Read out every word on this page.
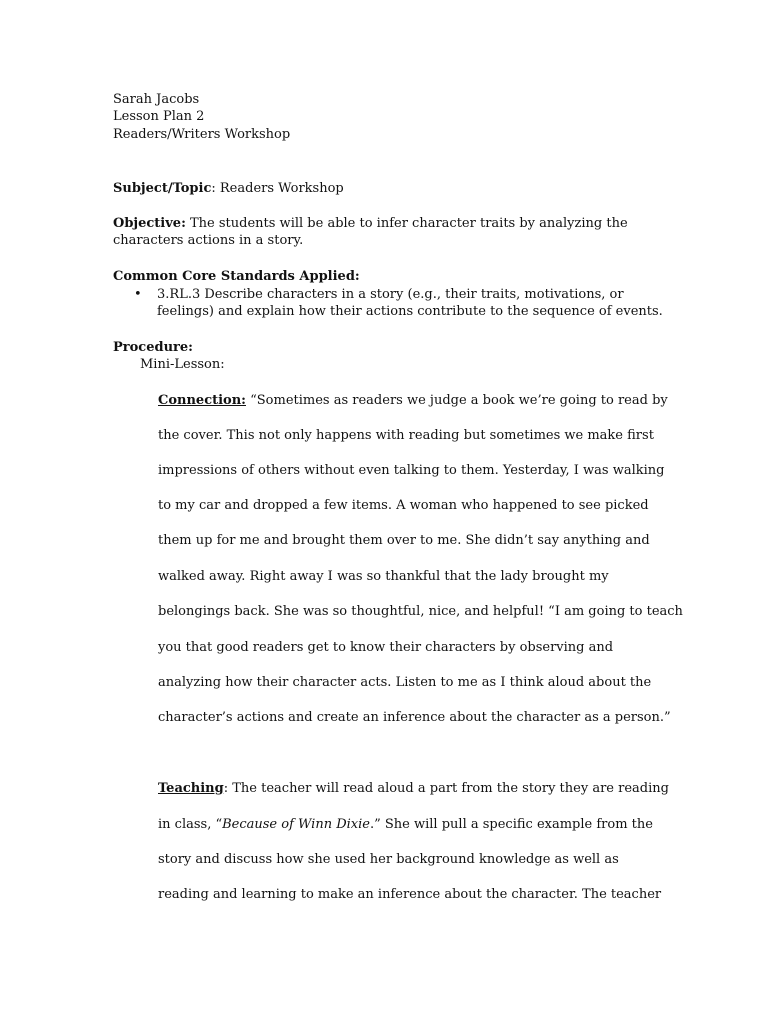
Sarah Jacobs
Lesson Plan 2
Readers/Writers Workshop
Subject/Topic: Readers Workshop
Objective: The students will be able to infer character traits by analyzing the
characters actions in a story.
Common Core Standards Applied:
• 3.RL.3 Describe characters in a story (e.g., their traits, motivations, or
feelings) and explain how their actions contribute to the sequence of events.
Procedure:
Mini-Lesson:
Connection: “Sometimes as readers we judge a book we’re going to read by
the cover. This not only happens with reading but sometimes we make first
impressions of others without even talking to them. Yesterday, I was walking
to my car and dropped a few items. A woman who happened to see picked
them up for me and brought them over to me. She didn’t say anything and
walked away. Right away I was so thankful that the lady brought my
belongings back. She was so thoughtful, nice, and helpful! “I am going to teach
you that good readers get to know their characters by observing and
analyzing how their character acts. Listen to me as I think aloud about the
character’s actions and create an inference about the character as a person.”
Teaching: The teacher will read aloud a part from the story they are reading
in class, “Because of Winn Dixie.” She will pull a specific example from the
story and discuss how she used her background knowledge as well as
reading and learning to make an inference about the character. The teacher
